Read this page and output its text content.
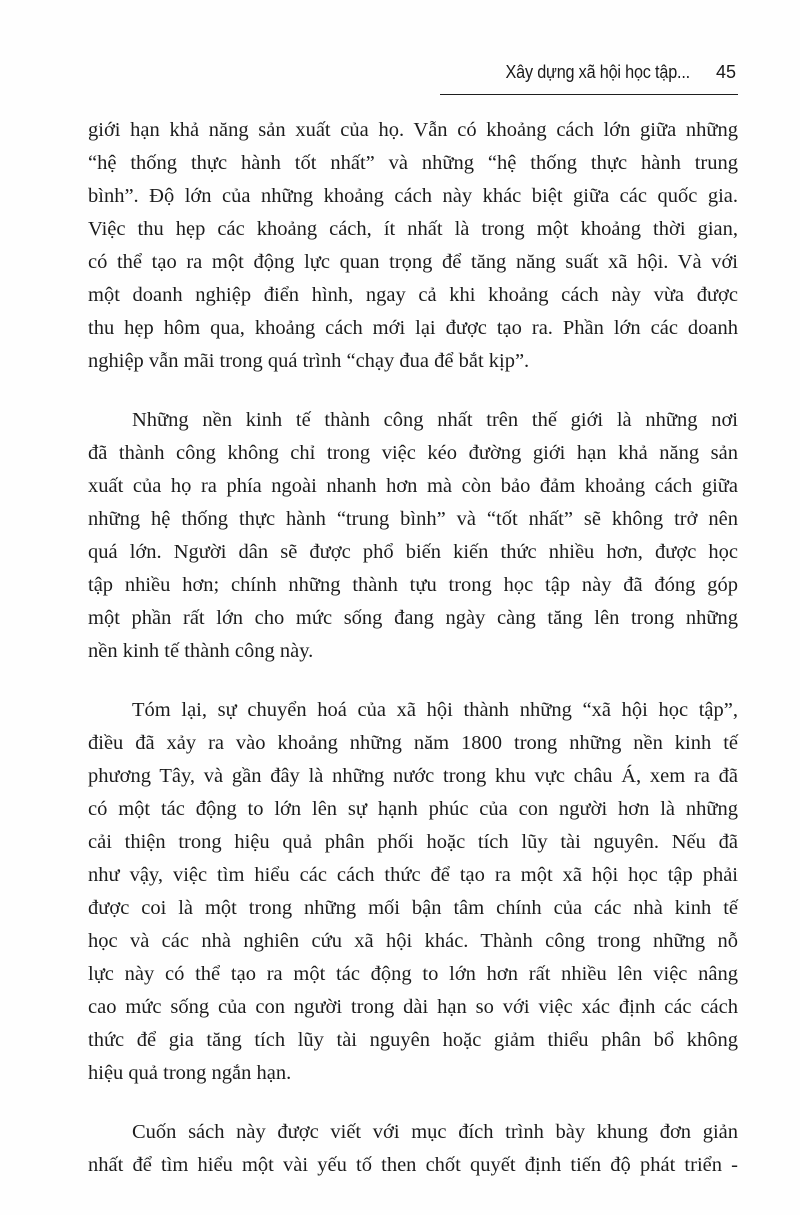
Xây dựng xã hội học tập... 45

giới hạn khả năng sản xuất của họ. Vẫn có khoảng cách lớn giữa những
“hệ thống thực hành tốt nhất” và những “hệ thống thực hành trung
bình”. Độ lớn của những khoảng cách này khác biệt giữa các quốc gia.
Việc thu hẹp các khoảng cách, ít nhất là trong một khoảng thời gian,
có thể tạo ra một động lực quan trọng để tăng năng suất xã hội. Và với
một doanh nghiệp điển hình, ngay cả khi khoảng cách này vừa được
thu hẹp hôm qua, khoảng cách mới lại được tạo ra. Phần lớn các doanh
nghiệp vẫn mãi trong quá trình “chạy đua để bắt kịp”.

Những nền kinh tế thành công nhất trên thế giới là những nơi
đã thành công không chỉ trong việc kéo đường giới hạn khả năng sản
xuất của họ ra phía ngoài nhanh hơn mà còn bảo đảm khoảng cách giữa
những hệ thống thực hành “trung bình” và “tốt nhất” sẽ không trở nên
quá lớn. Người dân sẽ được phổ biến kiến thức nhiều hơn, được học
tập nhiều hơn; chính những thành tựu trong học tập này đã đóng góp
một phần rất lớn cho mức sống đang ngày càng tăng lên trong những
nền kinh tế thành công này.

Tóm lại, sự chuyển hoá của xã hội thành những “xã hội học tập”,
điều đã xảy ra vào khoảng những năm 1800 trong những nền kinh tế
phương Tây, và gần đây là những nước trong khu vực châu Á, xem ra đã
có một tác động to lớn lên sự hạnh phúc của con người hơn là những
cải thiện trong hiệu quả phân phối hoặc tích lũy tài nguyên. Nếu đã
như vậy, việc tìm hiểu các cách thức để tạo ra một xã hội học tập phải
được coi là một trong những mối bận tâm chính của các nhà kinh tế
học và các nhà nghiên cứu xã hội khác. Thành công trong những nỗ
lực này có thể tạo ra một tác động to lớn hơn rất nhiều lên việc nâng
cao mức sống của con người trong dài hạn so với việc xác định các cách
thức để gia tăng tích lũy tài nguyên hoặc giảm thiểu phân bổ không
hiệu quả trong ngắn hạn.

Cuốn sách này được viết với mục đích trình bày khung đơn giản
nhất để tìm hiểu một vài yếu tố then chốt quyết định tiến độ phát triển -
